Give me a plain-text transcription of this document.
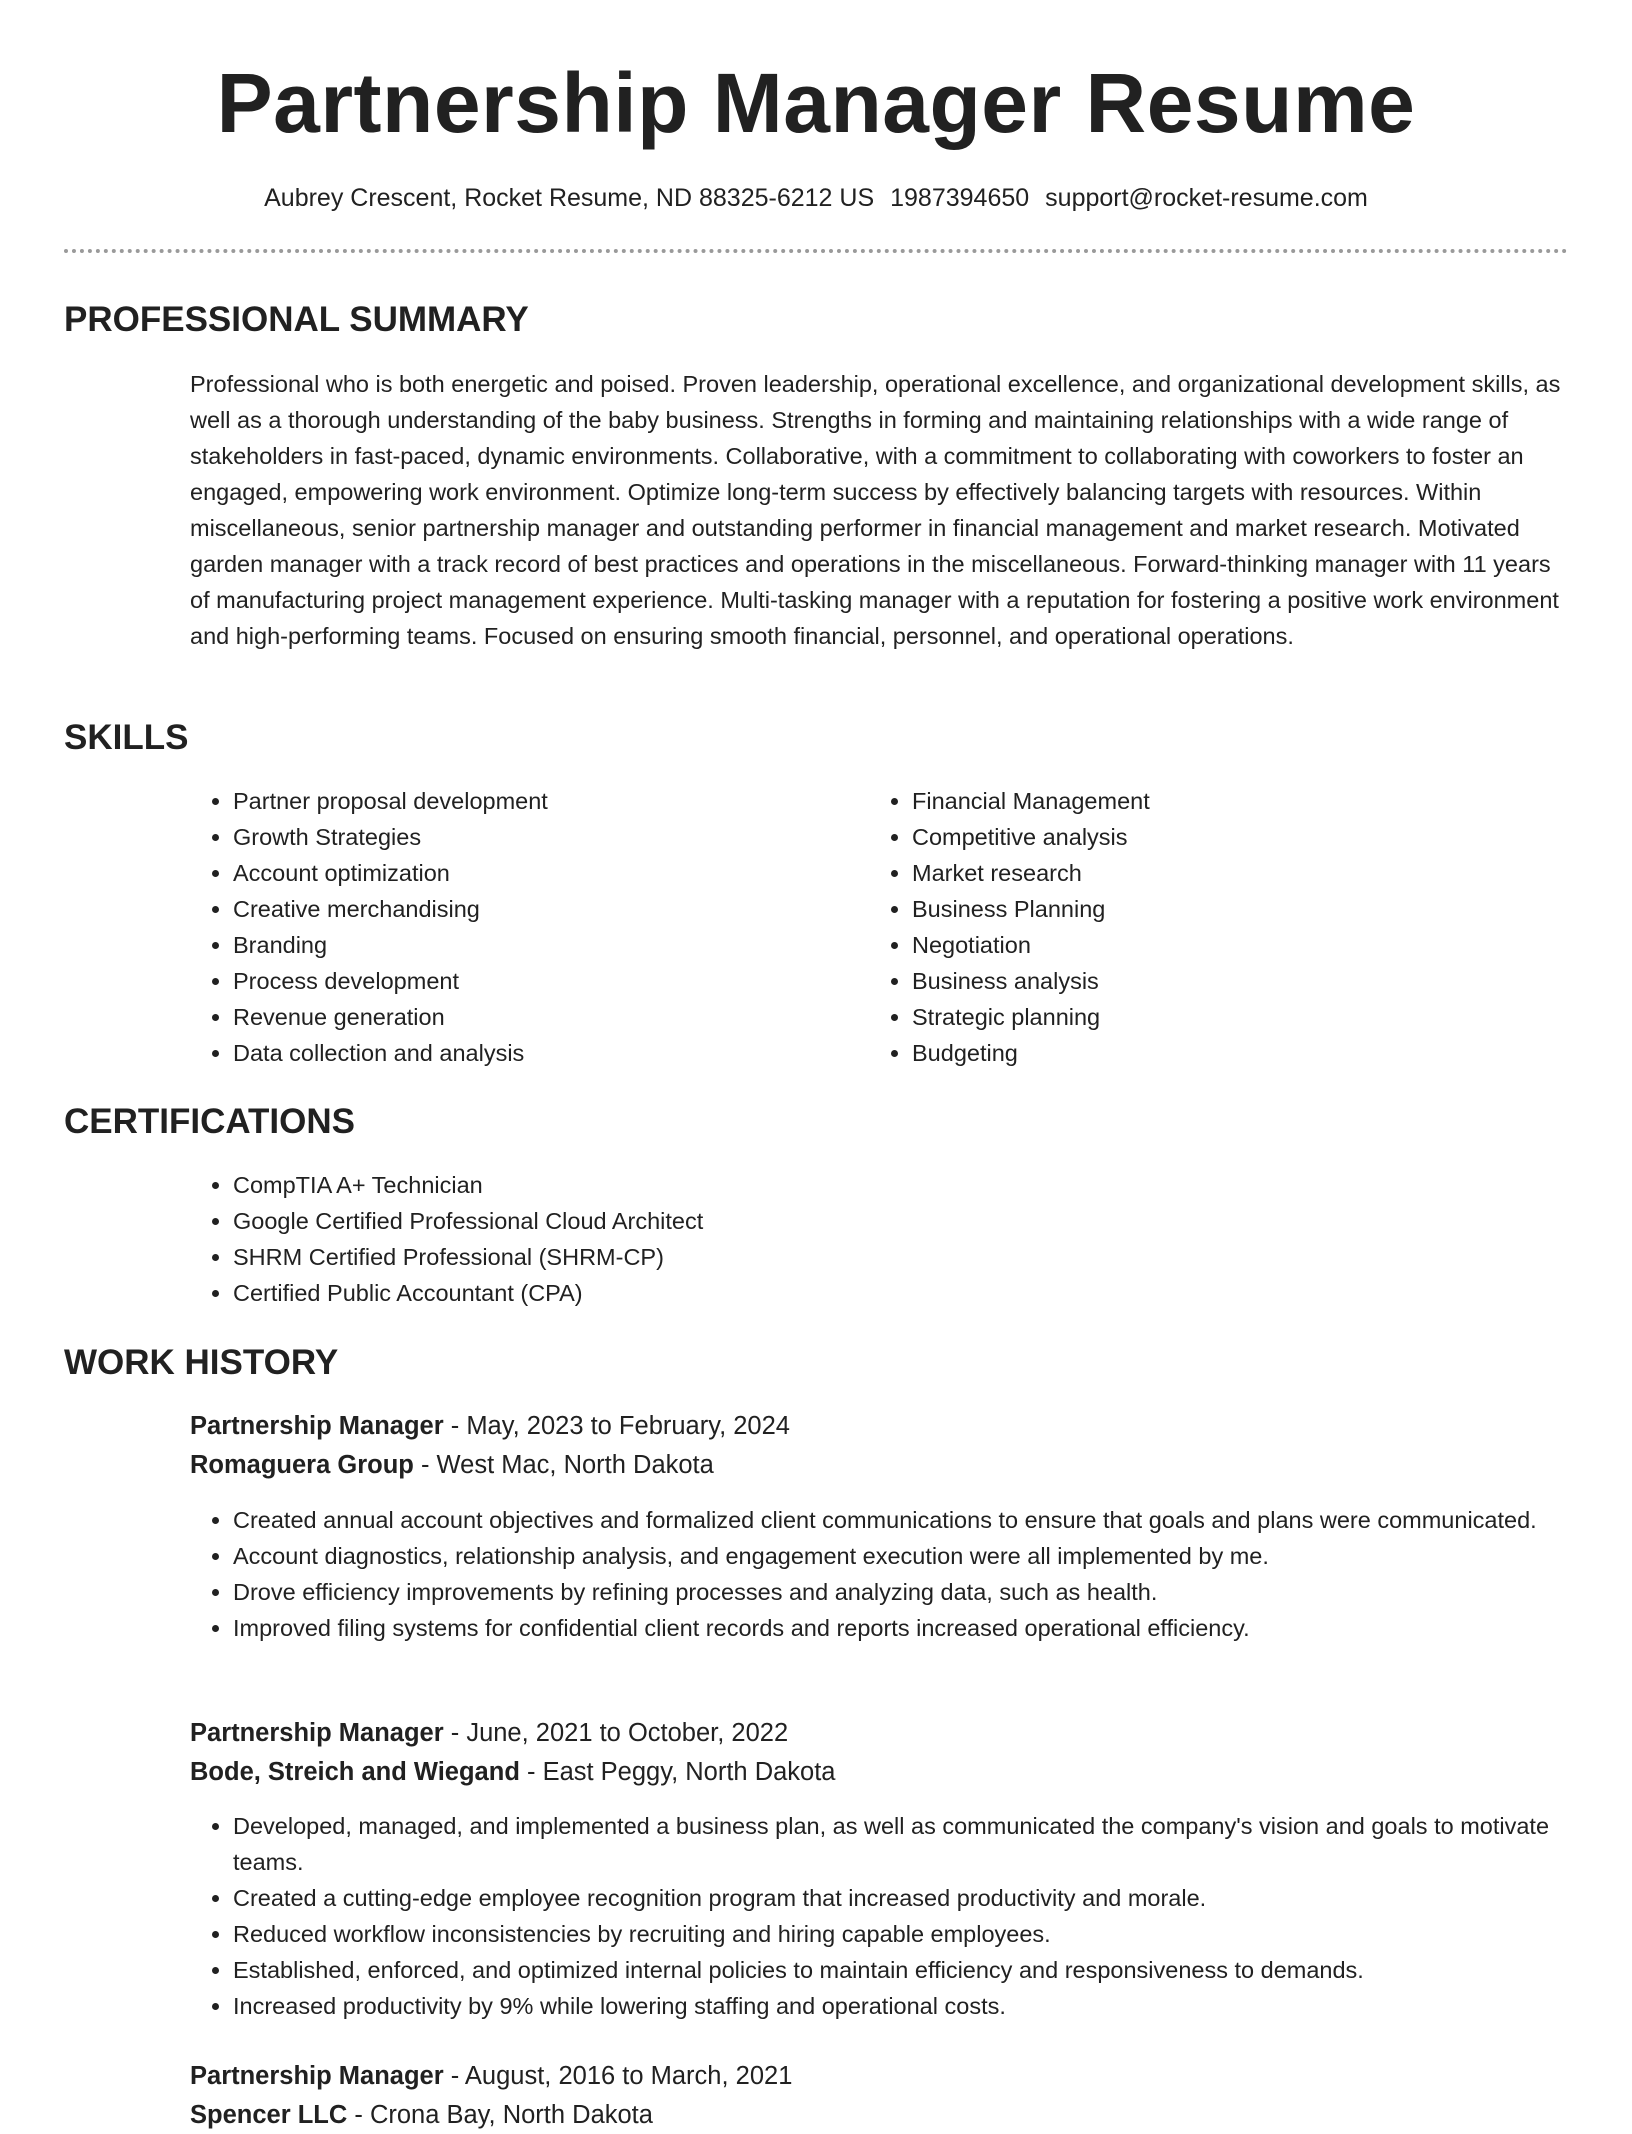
Partnership Manager Resume
Aubrey Crescent, Rocket Resume, ND 88325-6212 US 1987394650 support@rocket-resume.com
PROFESSIONAL SUMMARY

Professional who is both energetic and poised. Proven leadership, operational excellence, and organizational development skills, as well as a thorough understanding of the baby business. Strengths in forming and maintaining relationships with a wide range of stakeholders in fast-paced, dynamic environments. Collaborative, with a commitment to collaborating with coworkers to foster an engaged, empowering work environment. Optimize long-term success by effectively balancing targets with resources. Within miscellaneous, senior partnership manager and outstanding performer in financial management and market research. Motivated garden manager with a track record of best practices and operations in the miscellaneous. Forward-thinking manager with 11 years of manufacturing project management experience. Multi-tasking manager with a reputation for fostering a positive work environment and high-performing teams. Focused on ensuring smooth financial, personnel, and operational operations.

SKILLS
• Partner proposal development
• Growth Strategies
• Account optimization
• Creative merchandising
• Branding
• Process development
• Revenue generation
• Data collection and analysis
• Financial Management
• Competitive analysis
• Market research
• Business Planning
• Negotiation
• Business analysis
• Strategic planning
• Budgeting
CERTIFICATIONS
• CompTIA A+ Technician
• Google Certified Professional Cloud Architect
• SHRM Certified Professional (SHRM-CP)
• Certified Public Accountant (CPA)
WORK HISTORY
Partnership Manager - May, 2023 to February, 2024
Romaguera Group - West Mac, North Dakota
• Created annual account objectives and formalized client communications to ensure that goals and plans were communicated.
• Account diagnostics, relationship analysis, and engagement execution were all implemented by me.
• Drove efficiency improvements by refining processes and analyzing data, such as health.
• Improved filing systems for confidential client records and reports increased operational efficiency.
Partnership Manager - June, 2021 to October, 2022
Bode, Streich and Wiegand - East Peggy, North Dakota
• Developed, managed, and implemented a business plan, as well as communicated the company's vision and goals to motivate teams.
• Created a cutting-edge employee recognition program that increased productivity and morale.
• Reduced workflow inconsistencies by recruiting and hiring capable employees.
• Established, enforced, and optimized internal policies to maintain efficiency and responsiveness to demands.
• Increased productivity by 9% while lowering staffing and operational costs.
Partnership Manager - August, 2016 to March, 2021
Spencer LLC - Crona Bay, North Dakota
